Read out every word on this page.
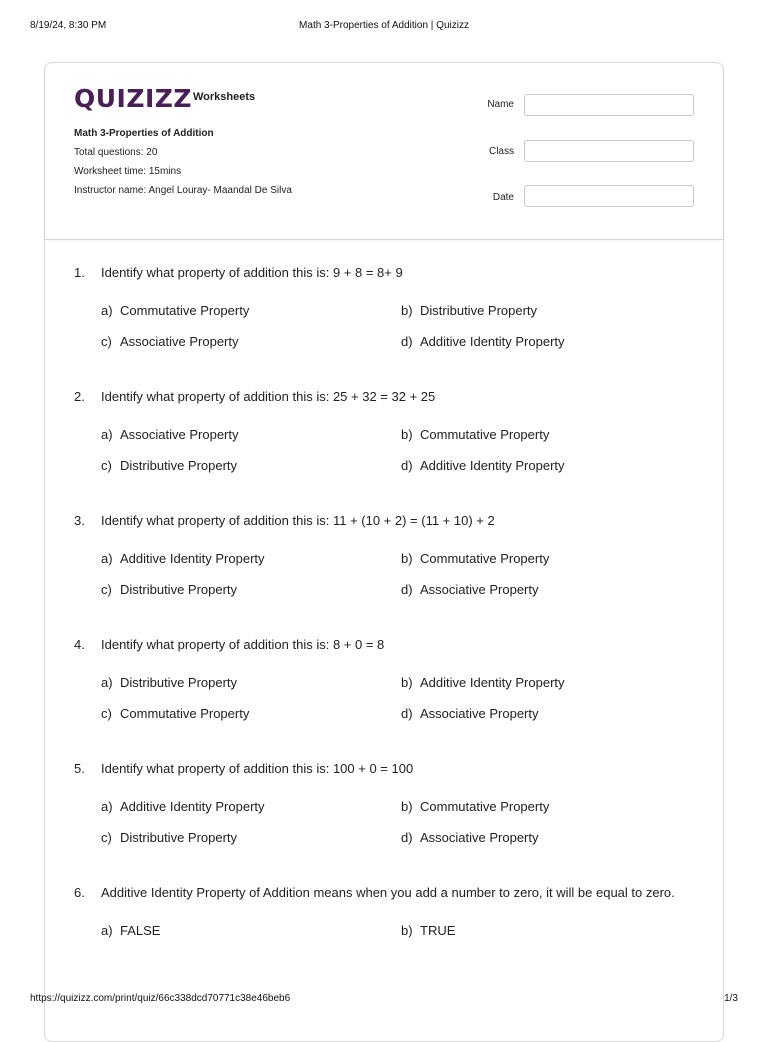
8/19/24, 8:30 PM	Math 3-Properties of Addition | Quizizz
QUIZIZZ Worksheets
Math 3-Properties of Addition
Total questions: 20
Worksheet time: 15mins
Instructor name: Angel Louray- Maandal De Silva
Name
Class
Date
1. Identify what property of addition this is: 9 + 8 = 8+ 9
a) Commutative Property	b) Distributive Property
c) Associative Property	d) Additive Identity Property
2. Identify what property of addition this is: 25 + 32 = 32 + 25
a) Associative Property	b) Commutative Property
c) Distributive Property	d) Additive Identity Property
3. Identify what property of addition this is: 11 + (10 + 2) = (11 + 10) + 2
a) Additive Identity Property	b) Commutative Property
c) Distributive Property	d) Associative Property
4. Identify what property of addition this is: 8 + 0 = 8
a) Distributive Property	b) Additive Identity Property
c) Commutative Property	d) Associative Property
5. Identify what property of addition this is: 100 + 0 = 100
a) Additive Identity Property	b) Commutative Property
c) Distributive Property	d) Associative Property
6. Additive Identity Property of Addition means when you add a number to zero, it will be equal to zero.
a) FALSE	b) TRUE
https://quizizz.com/print/quiz/66c338dcd70771c38e46beb6	1/3
